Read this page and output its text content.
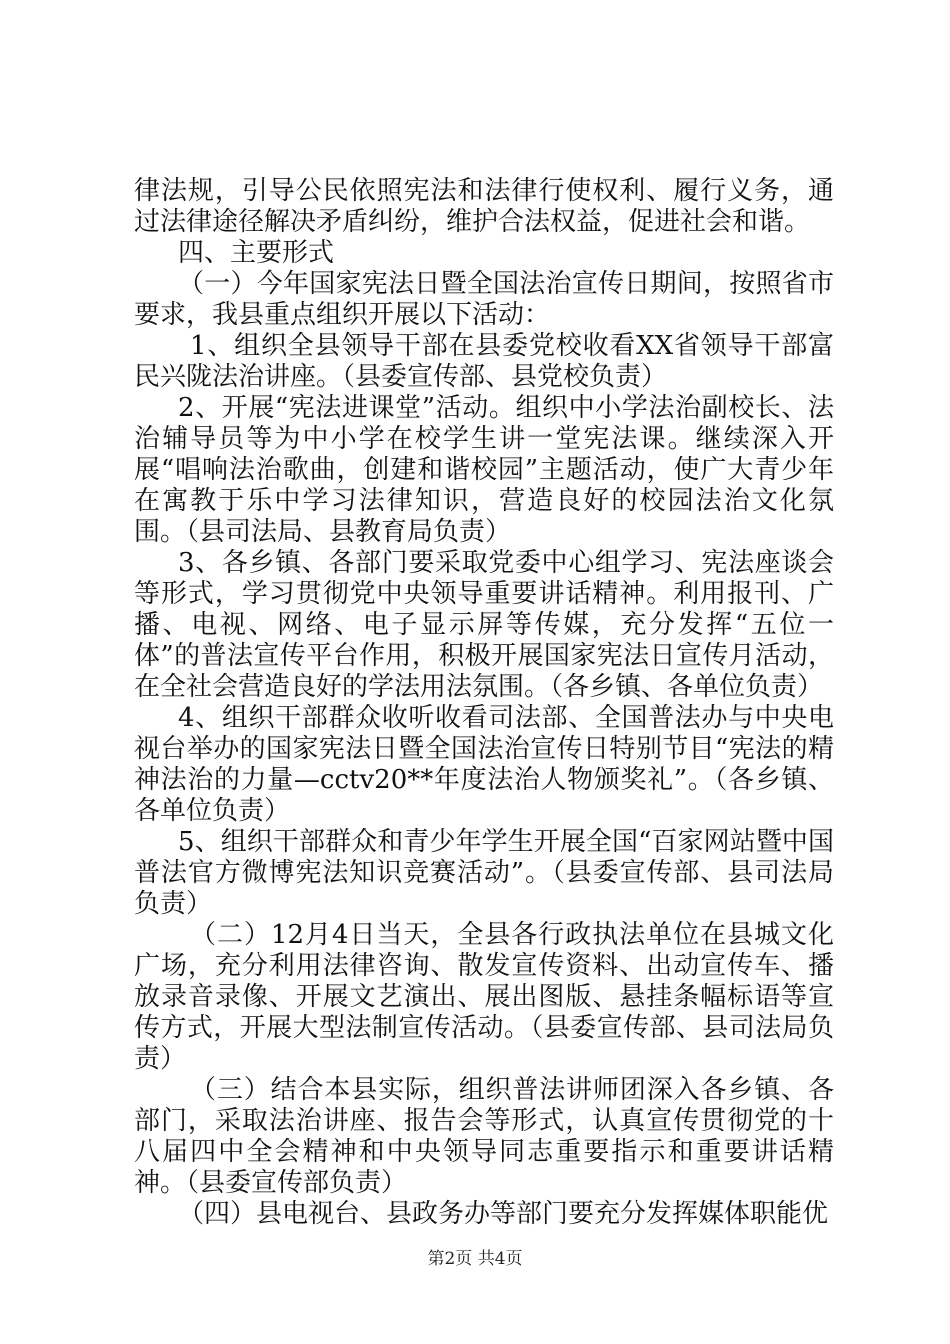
律法规，引导公民依照宪法和法律行使权利、履行义务，通过法律途径解决矛盾纠纷，维护合法权益，促进社会和谐。

四、主要形式

（一）今年国家宪法日暨全国法治宣传日期间，按照省市要求，我县重点组织开展以下活动：

1、组织全县领导干部在县委党校收看XX省领导干部富民兴陇法治讲座。（县委宣传部、县党校负责）

2、开展“宪法进课堂”活动。组织中小学法治副校长、法治辅导员等为中小学在校学生讲一堂宪法课。继续深入开展“唱响法治歌曲，创建和谐校园”主题活动，使广大青少年在寓教于乐中学习法律知识，营造良好的校园法治文化氛围。（县司法局、县教育局负责）

3、各乡镇、各部门要采取党委中心组学习、宪法座谈会等形式，学习贯彻党中央领导重要讲话精神。利用报刊、广播、电视、网络、电子显示屏等传媒，充分发挥“五位一体”的普法宣传平台作用，积极开展国家宪法日宣传月活动，在全社会营造良好的学法用法氛围。（各乡镇、各单位负责）

4、组织干部群众收听收看司法部、全国普法办与中央电视台举办的国家宪法日暨全国法治宣传日特别节目“宪法的精神法治的力量—cctv20**年度法治人物颁奖礼”。（各乡镇、各单位负责）

5、组织干部群众和青少年学生开展全国“百家网站暨中国普法官方微博宪法知识竞赛活动”。（县委宣传部、县司法局负责）

（二）12月4日当天，全县各行政执法单位在县城文化广场，充分利用法律咨询、散发宣传资料、出动宣传车、播放录音录像、开展文艺演出、展出图版、悬挂条幅标语等宣传方式，开展大型法制宣传活动。（县委宣传部、县司法局负责）

（三）结合本县实际，组织普法讲师团深入各乡镇、各部门，采取法治讲座、报告会等形式，认真宣传贯彻党的十八届四中全会精神和中央领导同志重要指示和重要讲话精神。（县委宣传部负责）

（四）县电视台、县政务办等部门要充分发挥媒体职能优

第2页 共4页
